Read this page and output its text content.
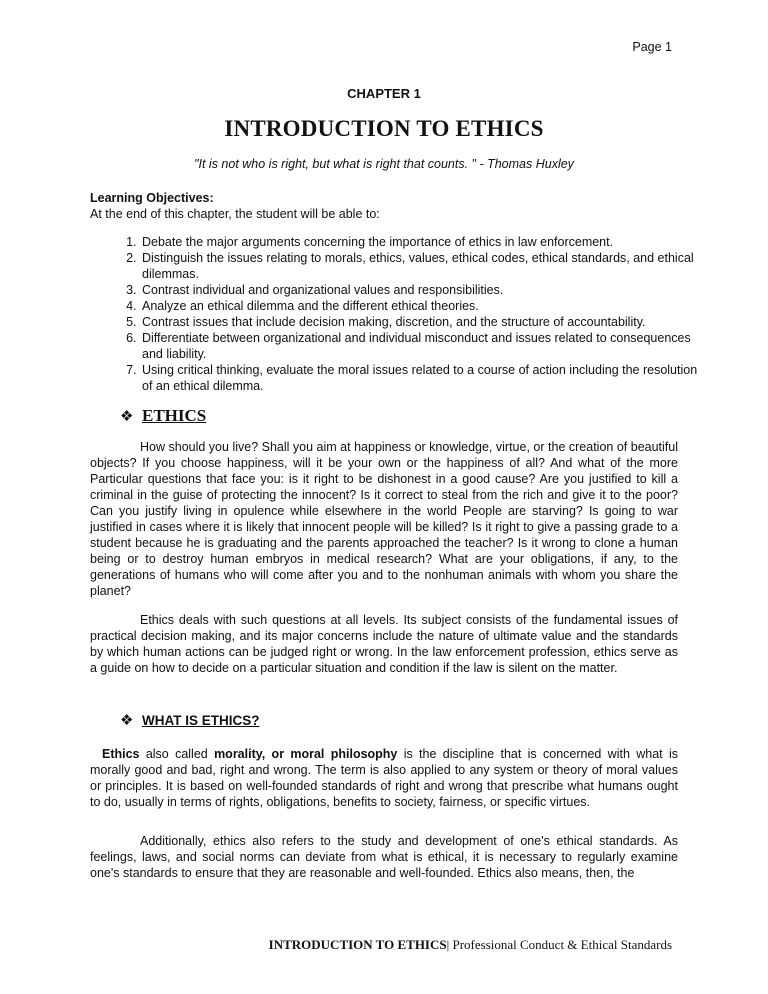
Page 1
CHAPTER 1
INTRODUCTION TO ETHICS
"It is not who is right, but what is right that counts. " - Thomas Huxley
Learning Objectives:
At the end of this chapter, the student will be able to:
1. Debate the major arguments concerning the importance of ethics in law enforcement.
2. Distinguish the issues relating to morals, ethics, values, ethical codes, ethical standards, and ethical dilemmas.
3. Contrast individual and organizational values and responsibilities.
4. Analyze an ethical dilemma and the different ethical theories.
5. Contrast issues that include decision making, discretion, and the structure of accountability.
6. Differentiate between organizational and individual misconduct and issues related to consequences and liability.
7. Using critical thinking, evaluate the moral issues related to a course of action including the resolution of an ethical dilemma.
❖ ETHICS
How should you live? Shall you aim at happiness or knowledge, virtue, or the creation of beautiful objects? If you choose happiness, will it be your own or the happiness of all? And what of the more Particular questions that face you: is it right to be dishonest in a good cause? Are you justified to kill a criminal in the guise of protecting the innocent? Is it correct to steal from the rich and give it to the poor? Can you justify living in opulence while elsewhere in the world People are starving? Is going to war justified in cases where it is likely that innocent people will be killed? Is it right to give a passing grade to a student because he is graduating and the parents approached the teacher? Is it wrong to clone a human being or to destroy human embryos in medical research? What are your obligations, if any, to the generations of humans who will come after you and to the nonhuman animals with whom you share the planet?
Ethics deals with such questions at all levels. Its subject consists of the fundamental issues of practical decision making, and its major concerns include the nature of ultimate value and the standards by which human actions can be judged right or wrong. In the law enforcement profession, ethics serve as a guide on how to decide on a particular situation and condition if the law is silent on the matter.
❖ WHAT IS ETHICS?
Ethics also called morality, or moral philosophy is the discipline that is concerned with what is morally good and bad, right and wrong. The term is also applied to any system or theory of moral values or principles. It is based on well-founded standards of right and wrong that prescribe what humans ought to do, usually in terms of rights, obligations, benefits to society, fairness, or specific virtues.
Additionally, ethics also refers to the study and development of one's ethical standards. As feelings, laws, and social norms can deviate from what is ethical, it is necessary to regularly examine one's standards to ensure that they are reasonable and well-founded. Ethics also means, then, the
INTRODUCTION TO ETHICS| Professional Conduct & Ethical Standards
